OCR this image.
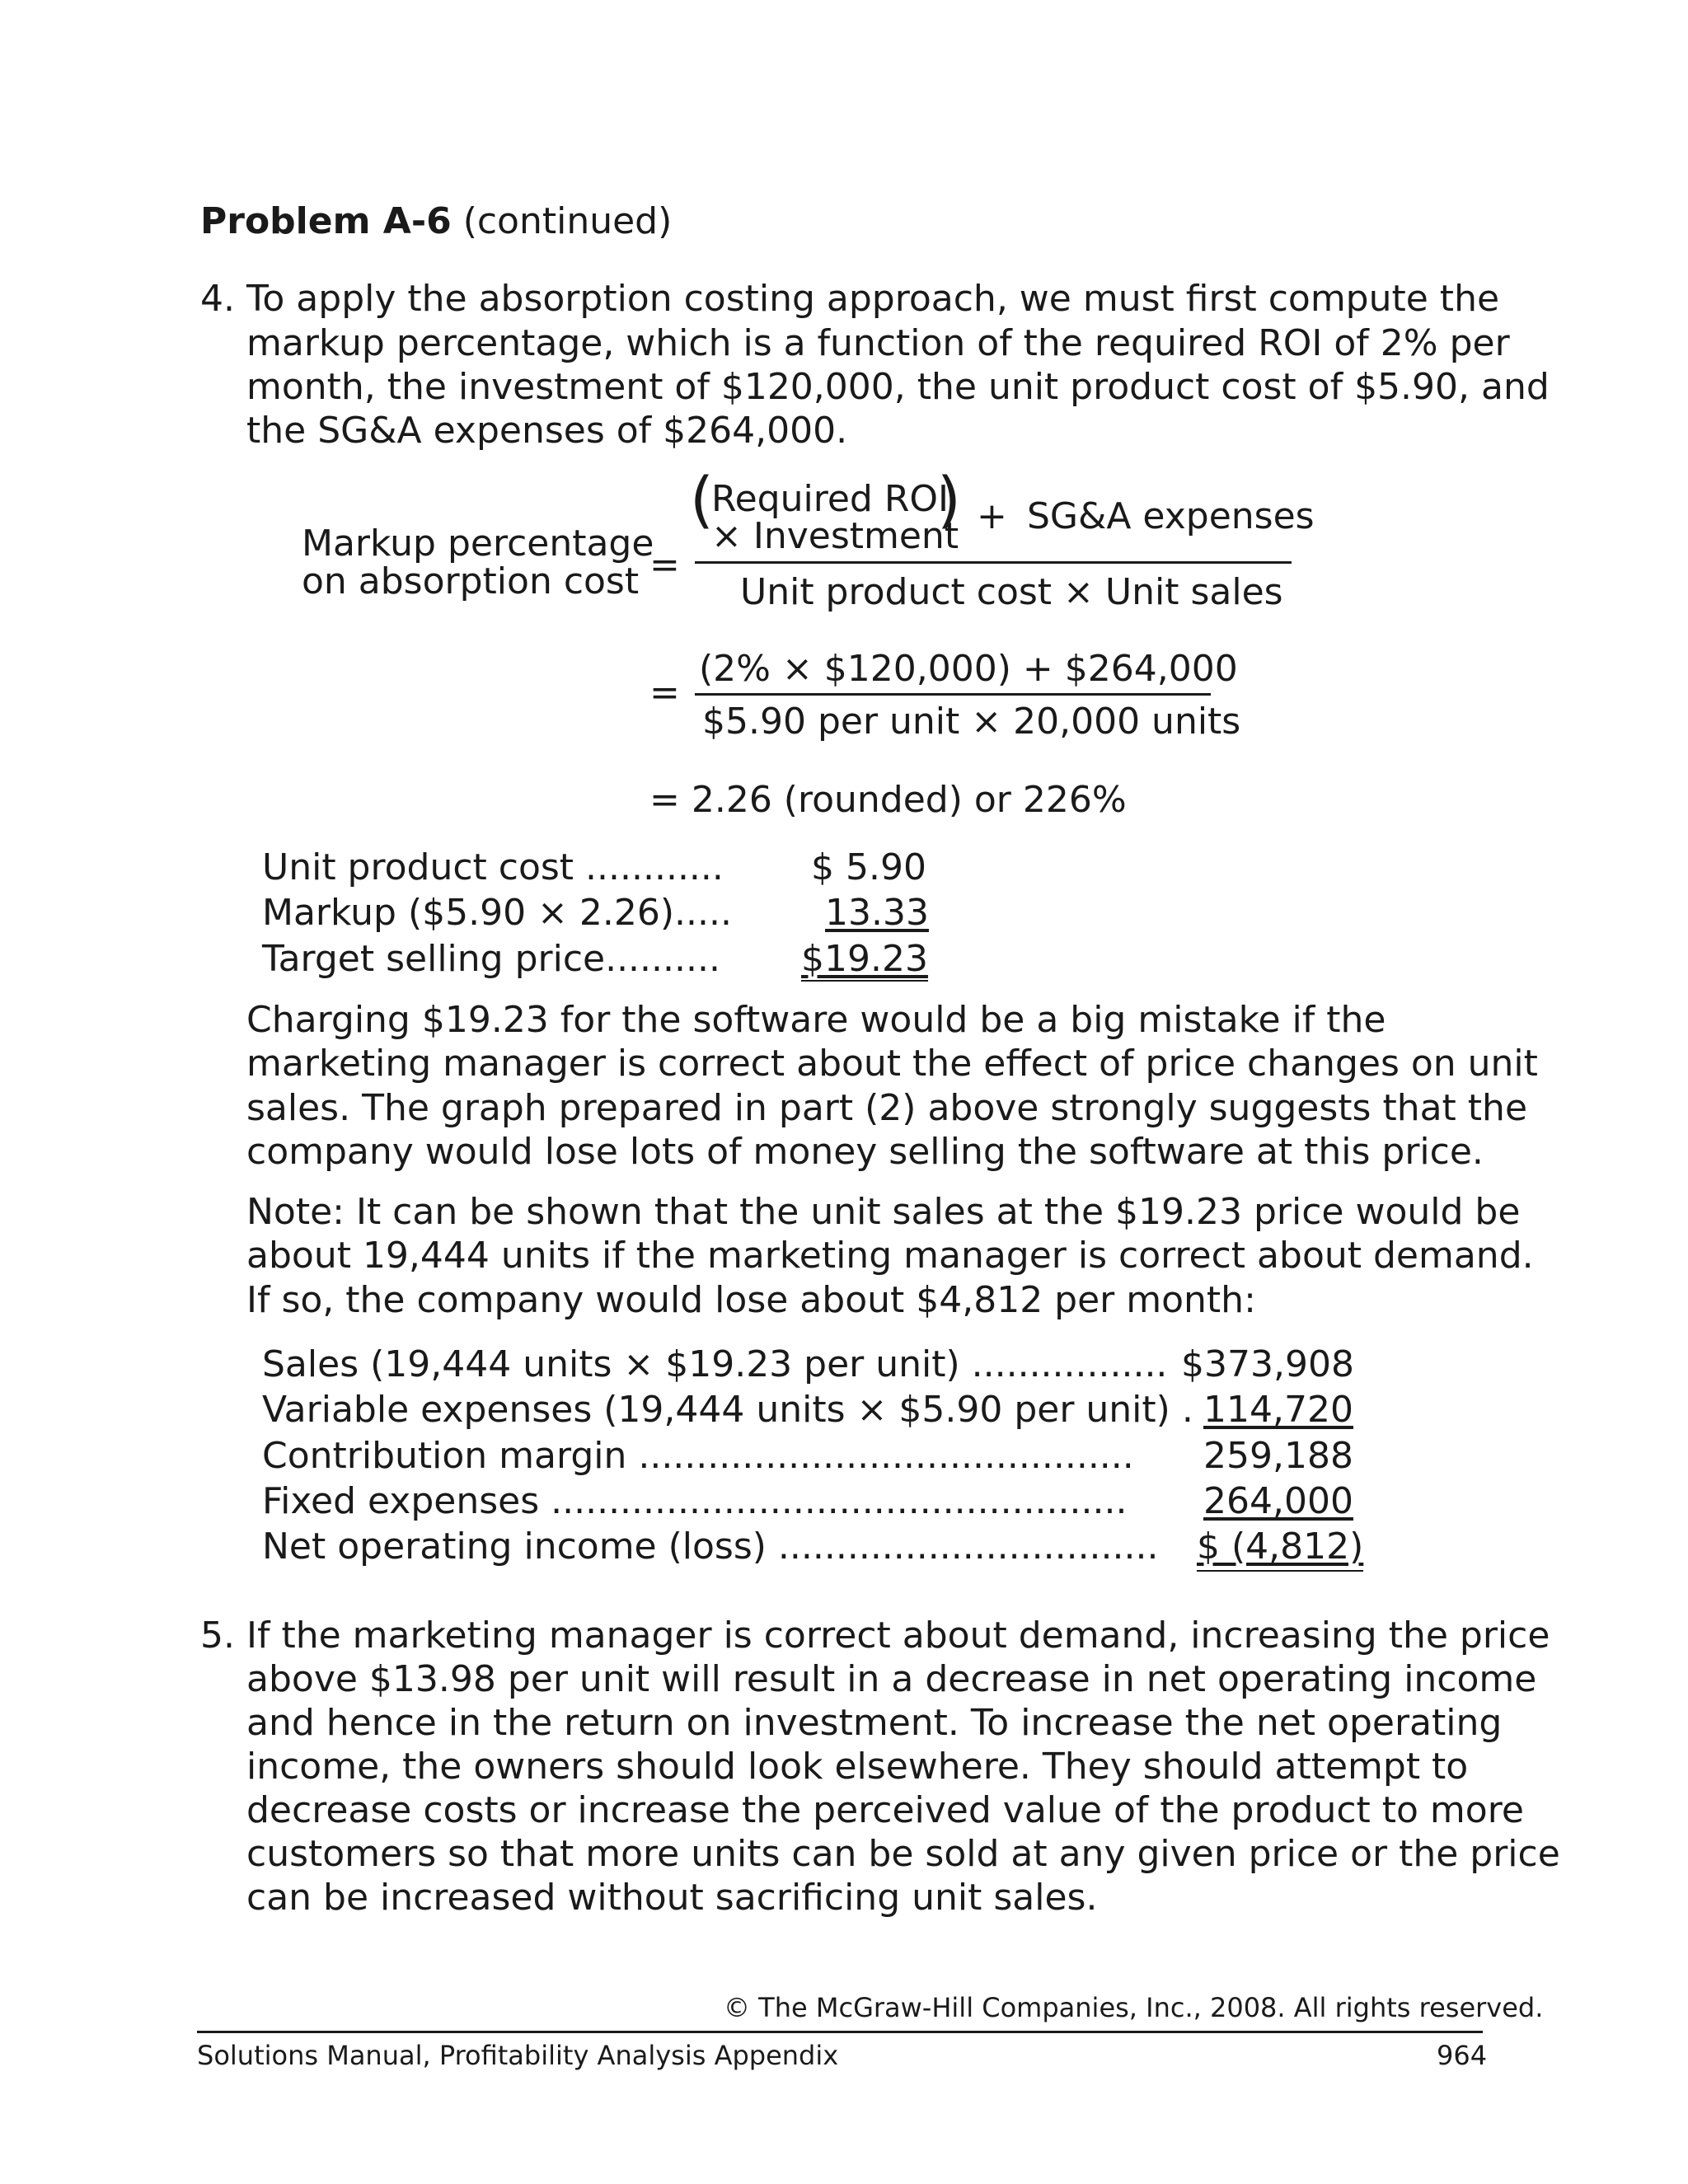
Problem A-6 (continued)
4. To apply the absorption costing approach, we must first compute the
markup percentage, which is a function of the required ROI of 2% per
month, the investment of $120,000, the unit product cost of $5.90, and
the SG&A expenses of $264,000.
Markup percentage
on absorption cost =
(
Required ROI
× Investment
) + SG&A expenses
Unit product cost × Unit sales
=
(2% × $120,000) + $264,000
$5.90 per unit × 20,000 units
= 2.26 (rounded) or 226%
Unit product cost ............ $ 5.90
Markup ($5.90 × 2.26).....	13.33
Target selling price.......... $19.23
Charging $19.23 for the software would be a big mistake if the
marketing manager is correct about the effect of price changes on unit
sales. The graph prepared in part (2) above strongly suggests that the
company would lose lots of money selling the software at this price.
Note: It can be shown that the unit sales at the $19.23 price would be
about 19,444 units if the marketing manager is correct about demand.
If so, the company would lose about $4,812 per month:
Sales (19,444 units × $19.23 per unit) ................. $373,908
Variable expenses (19,444 units × $5.90 per unit) . 114,720
Contribution margin ........................................... 259,188
Fixed expenses .................................................. 264,000
Net operating income (loss) ................................. $ (4,812)
5. If the marketing manager is correct about demand, increasing the price
above $13.98 per unit will result in a decrease in net operating income
and hence in the return on investment. To increase the net operating
income, the owners should look elsewhere. They should attempt to
decrease costs or increase the perceived value of the product to more
customers so that more units can be sold at any given price or the price
can be increased without sacrificing unit sales.
© The McGraw-Hill Companies, Inc., 2008. All rights reserved.
Solutions Manual, Profitability Analysis Appendix	964
